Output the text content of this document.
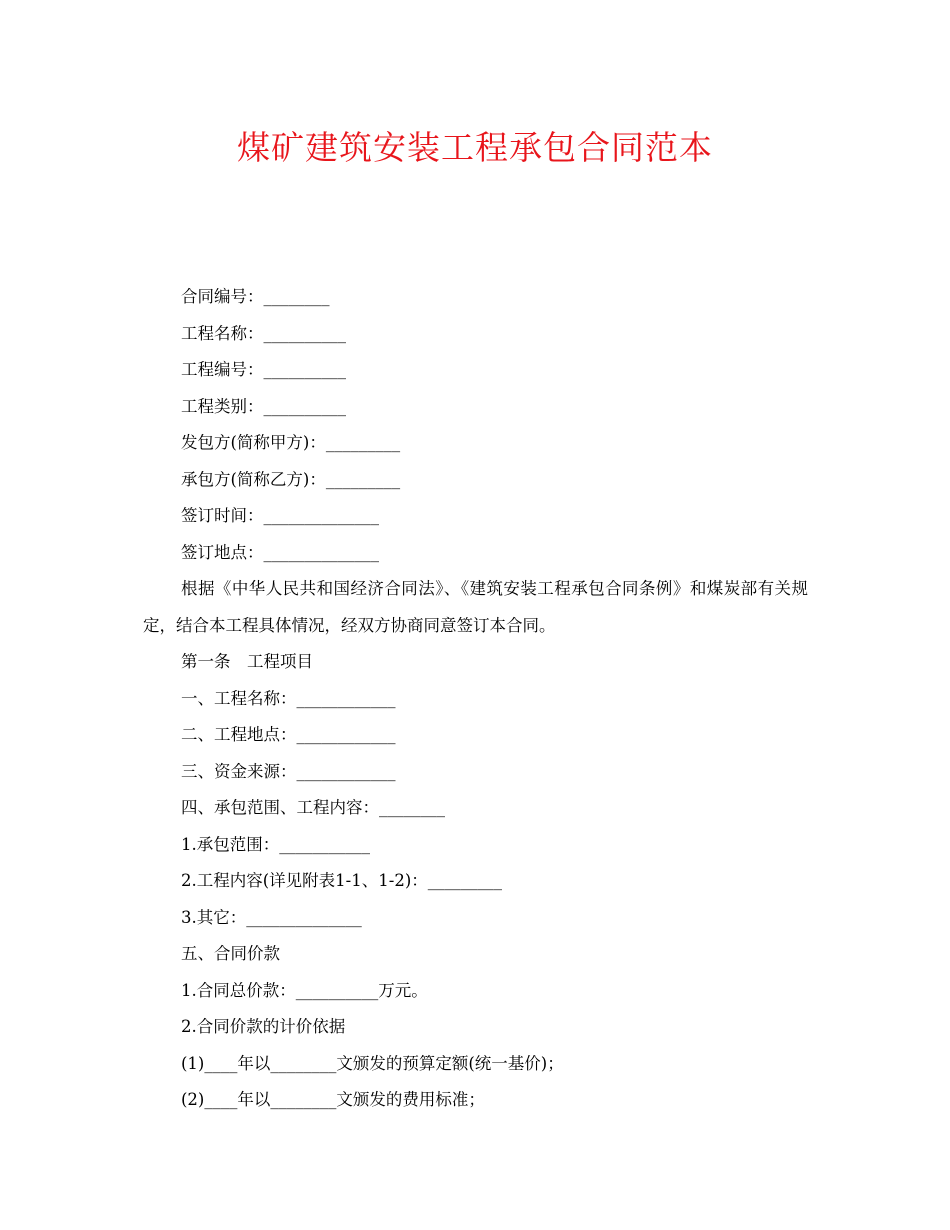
煤矿建筑安装工程承包合同范本
合同编号：________
工程名称：__________
工程编号：__________
工程类别：__________
发包方(简称甲方)：_________
承包方(简称乙方)：_________
签订时间：______________
签订地点：______________
根据《中华人民共和国经济合同法》、《建筑安装工程承包合同条例》和煤炭部有关规定，结合本工程具体情况，经双方协商同意签订本合同。
第一条　工程项目
一、工程名称：____________
二、工程地点：____________
三、资金来源：____________
四、承包范围、工程内容：________
1.承包范围：___________
2.工程内容(详见附表1-1、1-2)：_________
3.其它：______________
五、合同价款
1.合同总价款：__________万元。
2.合同价款的计价依据
(1)____年以________文颁发的预算定额(统一基价)；
(2)____年以________文颁发的费用标准；
